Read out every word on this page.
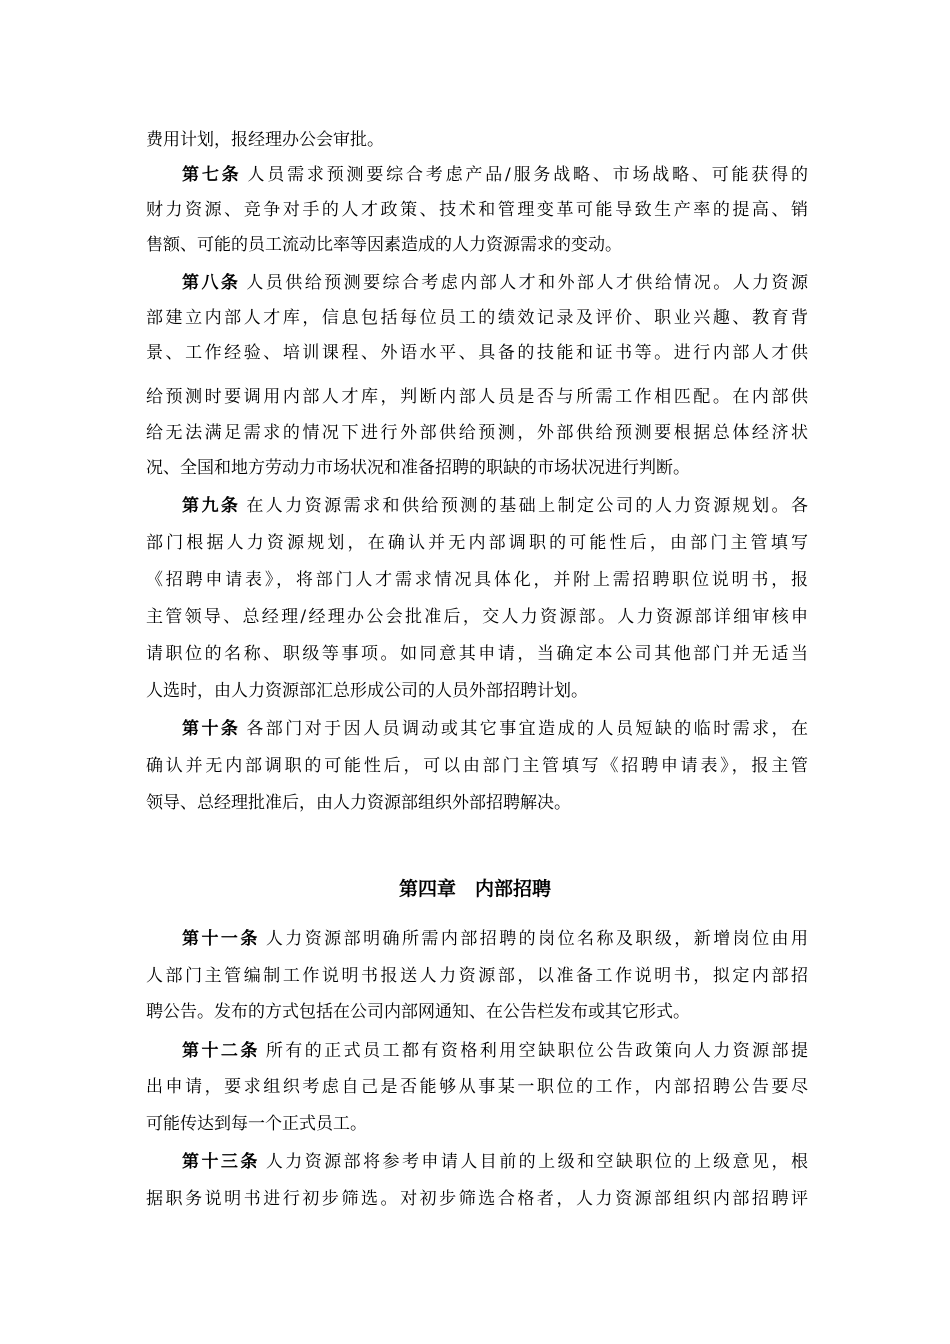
费用计划，报经理办公会审批。
第七条 人员需求预测要综合考虑产品/服务战略、市场战略、可能获得的
财力资源、竞争对手的人才政策、技术和管理变革可能导致生产率的提高、销
售额、可能的员工流动比率等因素造成的人力资源需求的变动。
第八条 人员供给预测要综合考虑内部人才和外部人才供给情况。人力资源
部建立内部人才库，信息包括每位员工的绩效记录及评价、职业兴趣、教育背
景、工作经验、培训课程、外语水平、具备的技能和证书等。进行内部人才供
给预测时要调用内部人才库，判断内部人员是否与所需工作相匹配。在内部供
给无法满足需求的情况下进行外部供给预测，外部供给预测要根据总体经济状
况、全国和地方劳动力市场状况和准备招聘的职缺的市场状况进行判断。
第九条 在人力资源需求和供给预测的基础上制定公司的人力资源规划。各
部门根据人力资源规划，在确认并无内部调职的可能性后，由部门主管填写
《招聘申请表》，将部门人才需求情况具体化，并附上需招聘职位说明书，报
主管领导、总经理/经理办公会批准后，交人力资源部。人力资源部详细审核申
请职位的名称、职级等事项。如同意其申请，当确定本公司其他部门并无适当
人选时，由人力资源部汇总形成公司的人员外部招聘计划。
第十条 各部门对于因人员调动或其它事宜造成的人员短缺的临时需求，在
确认并无内部调职的可能性后，可以由部门主管填写《招聘申请表》，报主管
领导、总经理批准后，由人力资源部组织外部招聘解决。
第四章　内部招聘
第十一条 人力资源部明确所需内部招聘的岗位名称及职级，新增岗位由用
人部门主管编制工作说明书报送人力资源部，以准备工作说明书，拟定内部招
聘公告。发布的方式包括在公司内部网通知、在公告栏发布或其它形式。
第十二条 所有的正式员工都有资格利用空缺职位公告政策向人力资源部提
出申请，要求组织考虑自己是否能够从事某一职位的工作，内部招聘公告要尽
可能传达到每一个正式员工。
第十三条 人力资源部将参考申请人目前的上级和空缺职位的上级意见，根
据职务说明书进行初步筛选。对初步筛选合格者，人力资源部组织内部招聘评
